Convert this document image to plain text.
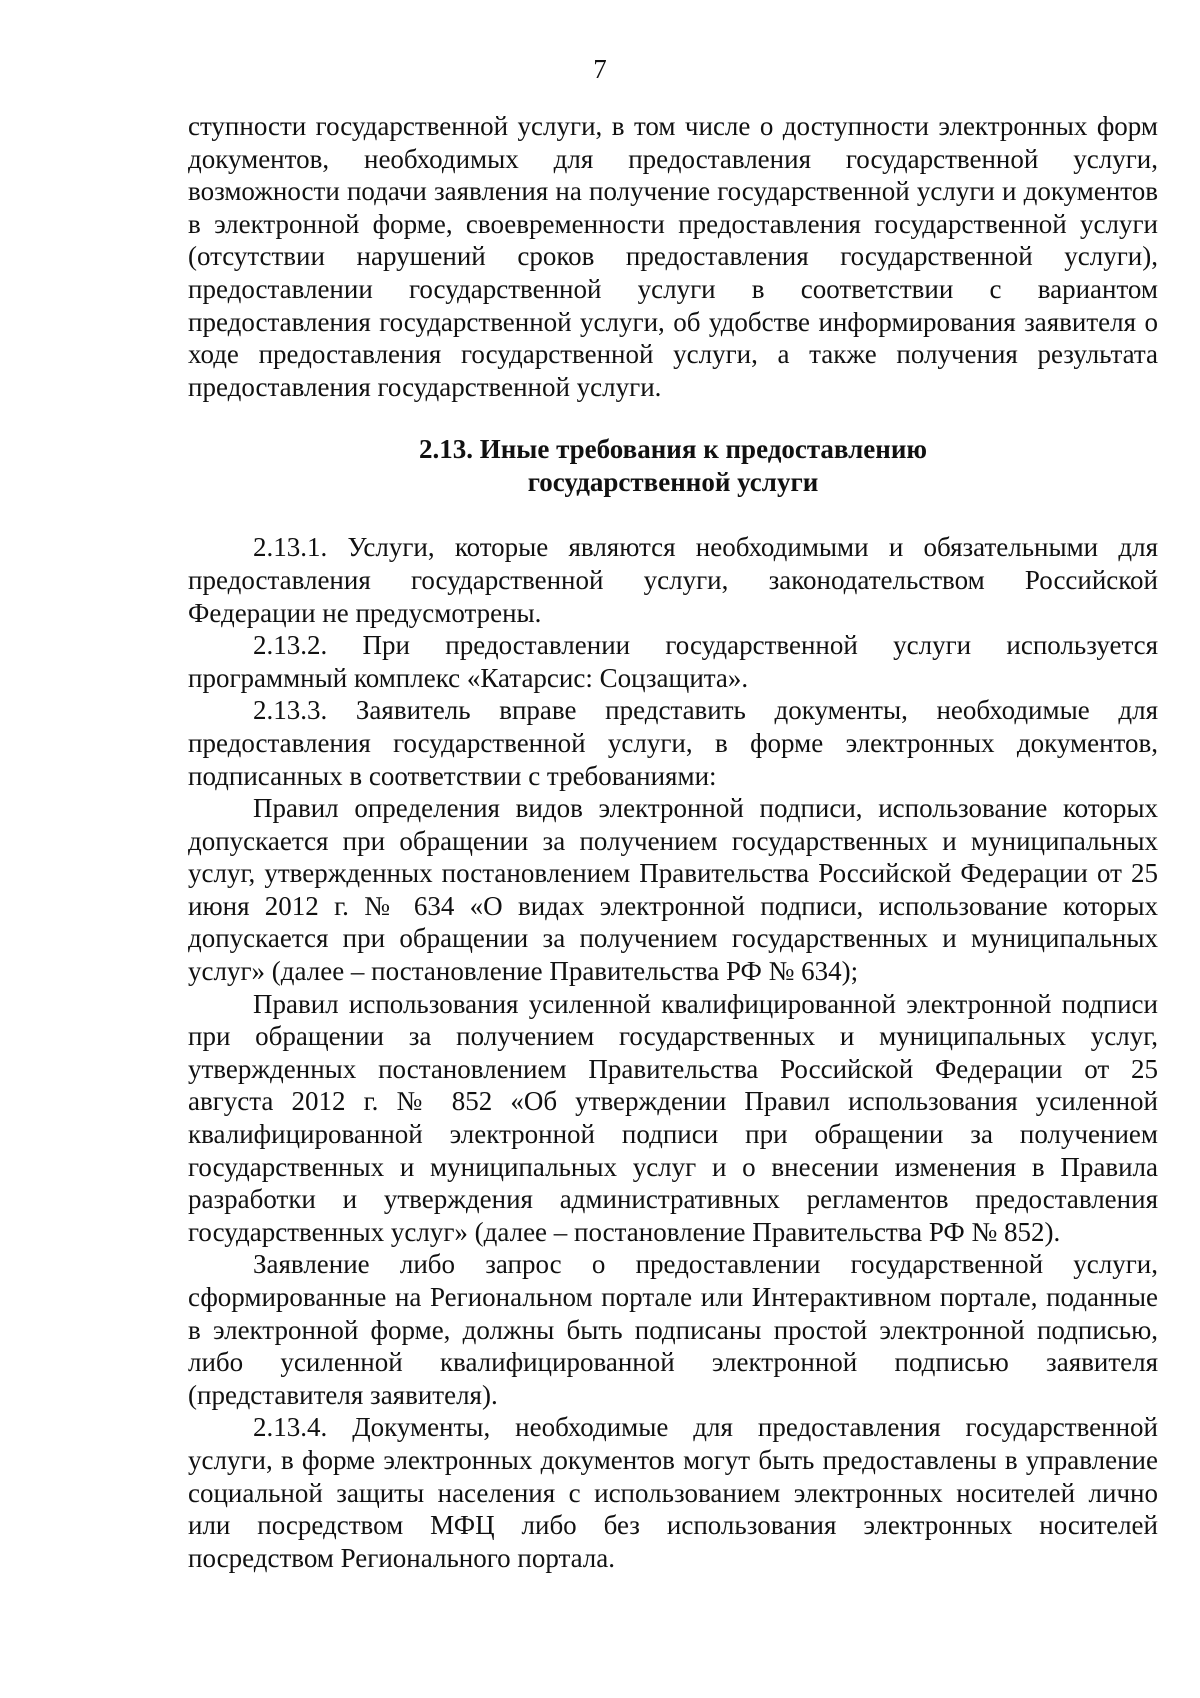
7

ступности государственной услуги, в том числе о доступности электронных форм документов, необходимых для предоставления государственной услуги, возможности подачи заявления на получение государственной услуги и документов в электронной форме, своевременности предоставления государственной услуги (отсутствии нарушений сроков предоставления государственной услуги), предоставлении государственной услуги в соответствии с вариантом предоставления государственной услуги, об удобстве информирования заявителя о ходе предоставления государственной услуги, а также получения результата предоставления государственной услуги.

2.13. Иные требования к предоставлению
государственной услуги

2.13.1. Услуги, которые являются необходимыми и обязательными для предоставления государственной услуги, законодательством Российской Федерации не предусмотрены.

2.13.2. При предоставлении государственной услуги используется программный комплекс «Катарсис: Соцзащита».

2.13.3. Заявитель вправе представить документы, необходимые для предоставления государственной услуги, в форме электронных документов, подписанных в соответствии с требованиями:

Правил определения видов электронной подписи, использование которых допускается при обращении за получением государственных и муниципальных услуг, утвержденных постановлением Правительства Российской Федерации от 25 июня 2012 г. № 634 «О видах электронной подписи, использование которых допускается при обращении за получением государственных и муниципальных услуг» (далее – постановление Правительства РФ № 634);

Правил использования усиленной квалифицированной электронной подписи при обращении за получением государственных и муниципальных услуг, утвержденных постановлением Правительства Российской Федерации от 25 августа 2012 г. № 852 «Об утверждении Правил использования усиленной квалифицированной электронной подписи при обращении за получением государственных и муниципальных услуг и о внесении изменения в Правила разработки и утверждения административных регламентов предоставления государственных услуг» (далее – постановление Правительства РФ № 852).

Заявление либо запрос о предоставлении государственной услуги, сформированные на Региональном портале или Интерактивном портале, поданные в электронной форме, должны быть подписаны простой электронной подписью, либо усиленной квалифицированной электронной подписью заявителя (представителя заявителя).

2.13.4. Документы, необходимые для предоставления государственной услуги, в форме электронных документов могут быть предоставлены в управление социальной защиты населения с использованием электронных носителей лично или посредством МФЦ либо без использования электронных носителей посредством Регионального портала.
